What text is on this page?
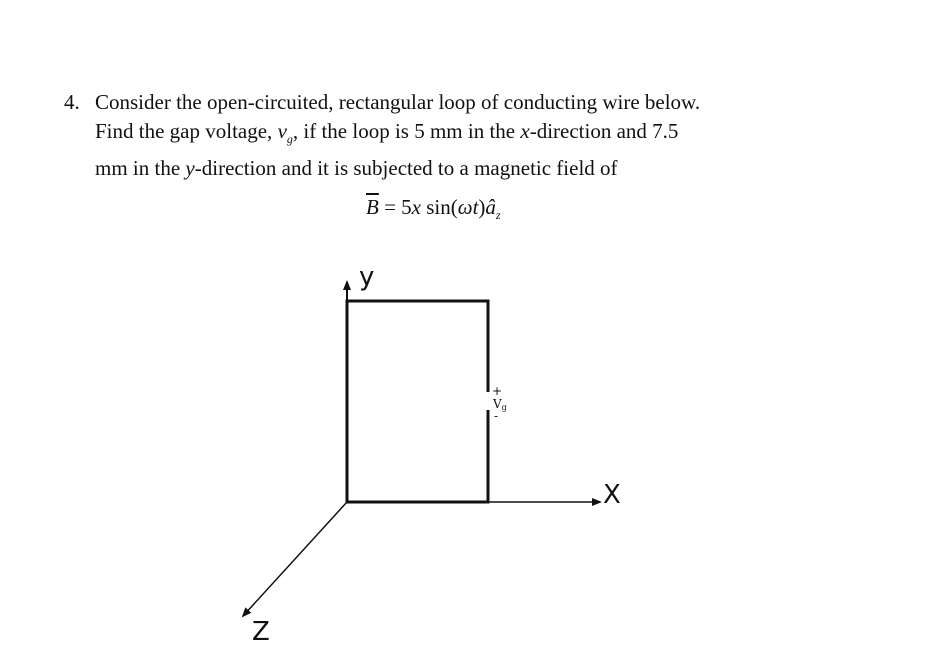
4. Consider the open-circuited, rectangular loop of conducting wire below.
Find the gap voltage, $v_g$, if the loop is 5 mm in the x-direction and 7.5
mm in the y-direction and it is subjected to a magnetic field of
$\overline{B} = 5x$ $\sin(\omega t)â_z$
+
Vg
-
y
X
Z
